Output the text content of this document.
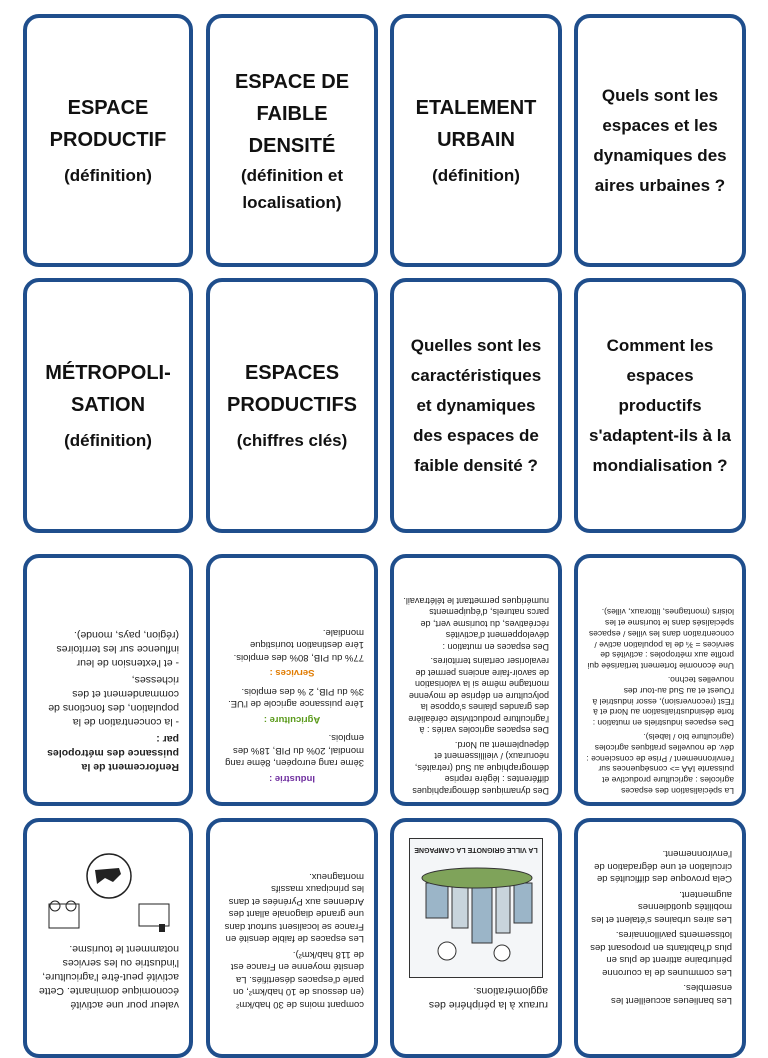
ESPACE PRODUCTIF
(définition)
ESPACE DE FAIBLE DENSITÉ
(définition et localisation)
ETALEMENT URBAIN
(définition)
Quels sont les espaces et les dynamiques des aires urbaines ?
MÉTROPOLI-SATION
(définition)
ESPACES PRODUCTIFS
(chiffres clés)
Quelles sont les caractéristiques et dynamiques des espaces de faible densité ?
Comment les espaces productifs s'adaptent-ils à la mondialisation ?

Renforcement de la puissance des métropoles par :

- la concentration de la population, des fonctions de commandement et des richesses,

- et l'extension de leur influence sur les territoires (région, pays, monde).

Industrie :

3ème rang européen, 8ème rang mondial, 20% du PIB, 18% des emplois.

Agriculture :

1ère puissance agricole de l'UE. 3% du PIB, 2 % des emplois.

Services :

77% du PIB, 80% des emplois. 1ère destination touristique mondiale.

Des dynamiques démographiques différentes : légère reprise démographique au Sud (retraités, néoruraux) / vieillissement et dépeuplement au Nord.

Des espaces agricoles variés : à l'agriculture productiviste céréalière des grandes plaines s'oppose la polyculture en déprise de moyenne montagne même si la valorisation de savoir-faire anciens permet de revaloriser certains territoires.

Des espaces en mutation : développement d'activités récréatives, du tourisme vert, de parcs naturels, d'équipements numériques permettant le télétravail.

La spécialisation des espaces agricoles : agriculture productive et puissante IAA => conséquences sur l'environnement / Prise de conscience : dév. de nouvelles pratiques agricoles (agriculture bio / labels).

Des espaces industriels en mutation : forte désindustrialisation au Nord et à l'Est (reconversion), essor industriel à l'Ouest et au Sud au-tour des nouvelles techno.

Une économie fortement tertiarisée qui profite aux métropoles : activités de services = ¾ de la population active / concentration dans les villes / espaces spécialisés dans le tourisme et les loisirs (montagnes, littoraux, villes).

valeur pour une activité économique dominante. Cette activité peut-être l'agriculture, l'industrie ou les services notamment le tourisme.

compant moins de 30 hab/km² (en dessous de 10 hab/km², on parle d'espaces désertifiés. La densité moyenne en France est de 118 hab/km²).

Les espaces de faible densité en France se localisent surtout dans une grande diagonale allant des Ardennes aux Pyrénées et dans les principaux massifs montagneux.

ruraux à la périphérie des agglomérations.

LA VILLE GRIGNOTE LA CAMPAGNE

Les banlieues accueillent les ensembles.

Les communes de la couronne périurbaine attirent de plus en plus d'habitants en proposant des lotissements pavillonnaires.

Les aires urbaines s'étalent et les mobilités quotidiennes augmentent.

Cela provoque des difficultés de circulation et une dégradation de l'environnement.
